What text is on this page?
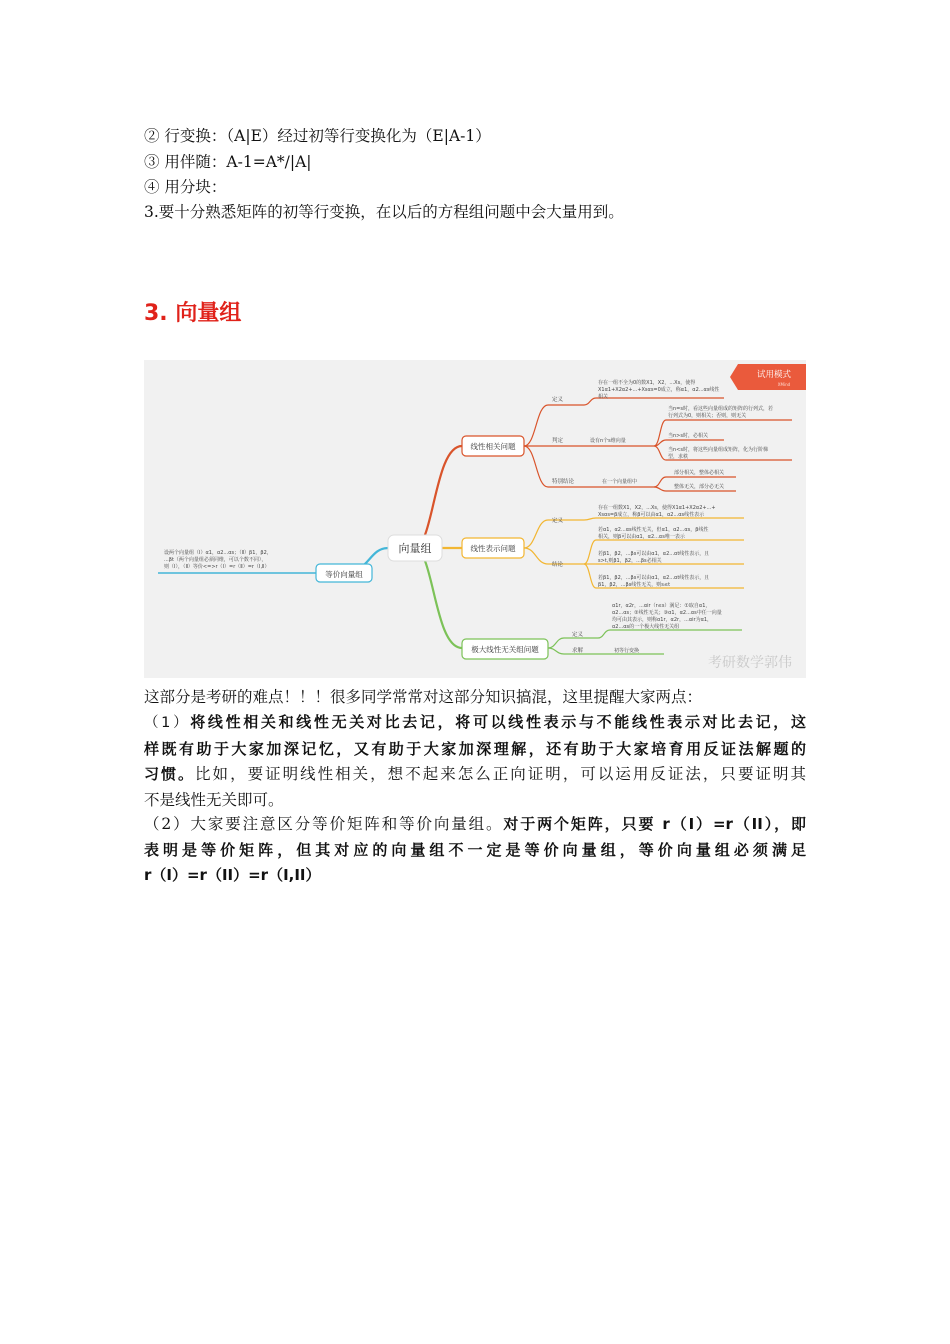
② 行变换：（A|E）经过初等行变换化为（E|A-1）
③ 用伴随：A-1=A*/|A|
④ 用分块：
3.要十分熟悉矩阵的初等行变换，在以后的方程组问题中会大量用到。
3. 向量组
向量组
等价向量组
设两个向量组（Ⅰ）α1，α2...αs；（Ⅱ）β1，β2，
...βt（两个向量组必须同维，可以个数不同），
则（Ⅰ），（Ⅱ）等价<=>r（Ⅰ）=r（Ⅱ）=r（Ⅰ,Ⅱ）
线性相关问题
线性表示问题
极大线性无关组问题
定义
存在一组不全为0的数X1，X2，...Xs，使得
X1α1+X2α2+...+Xsαs=0成立，称α1，α2...αs线性
相关
判定	设有n个s维向量
当n=s时，看这些向量组成的矩阵的行列式，若
行列式为0，则相关；否则，则无关
当n>s时，必相关
当n<s时，将这些向量组成矩阵，化为行阶梯
型，求秩
特别结论	在一个向量组中
部分相关，整体必相关
整体无关，部分必无关
定义
存在一组数X1，X2，...Xs，使得X1α1+X2α2+...+
Xsαs=β成立，称β可以由α1，α2...αs线性表示
结论
若α1，α2...αs线性无关，但α1，α2...αs，β线性
相关，则β可以由α1，α2...αs唯一表示
若β1，β2，...βs可以由α1，α2...αt线性表示，且
s>t,则β1，β2，...βs必相关
若β1，β2，...βs可以由α1，α2...αt线性表示，且
β1，β2，...βs线性无关，则s≤t
定义
α1r，α2r，...αir（r≤s）满足：①取自α1，
α2...αs；②线性无关；③α1，α2...αs中任一向量
均可由其表示，则称α1r，α2r，...αir为α1，
α2...αs的一个极大线性无关组
求解	初等行变换
试用模式
XMind
考研数学郭伟
这部分是考研的难点！！！很多同学常常对这部分知识搞混，这里提醒大家两点：
（1）将线性相关和线性无关对比去记，将可以线性表示与不能线性表示对比去记，这
样既有助于大家加深记忆，又有助于大家加深理解，还有助于大家培育用反证法解题的
习惯。比如，要证明线性相关，想不起来怎么正向证明，可以运用反证法，只要证明其
不是线性无关即可。
（2）大家要注意区分等价矩阵和等价向量组。对于两个矩阵，只要 r（I）=r（II），即
表明是等价矩阵，但其对应的向量组不一定是等价向量组，等价向量组必须满足
r（I）=r（II）=r（I,II）
